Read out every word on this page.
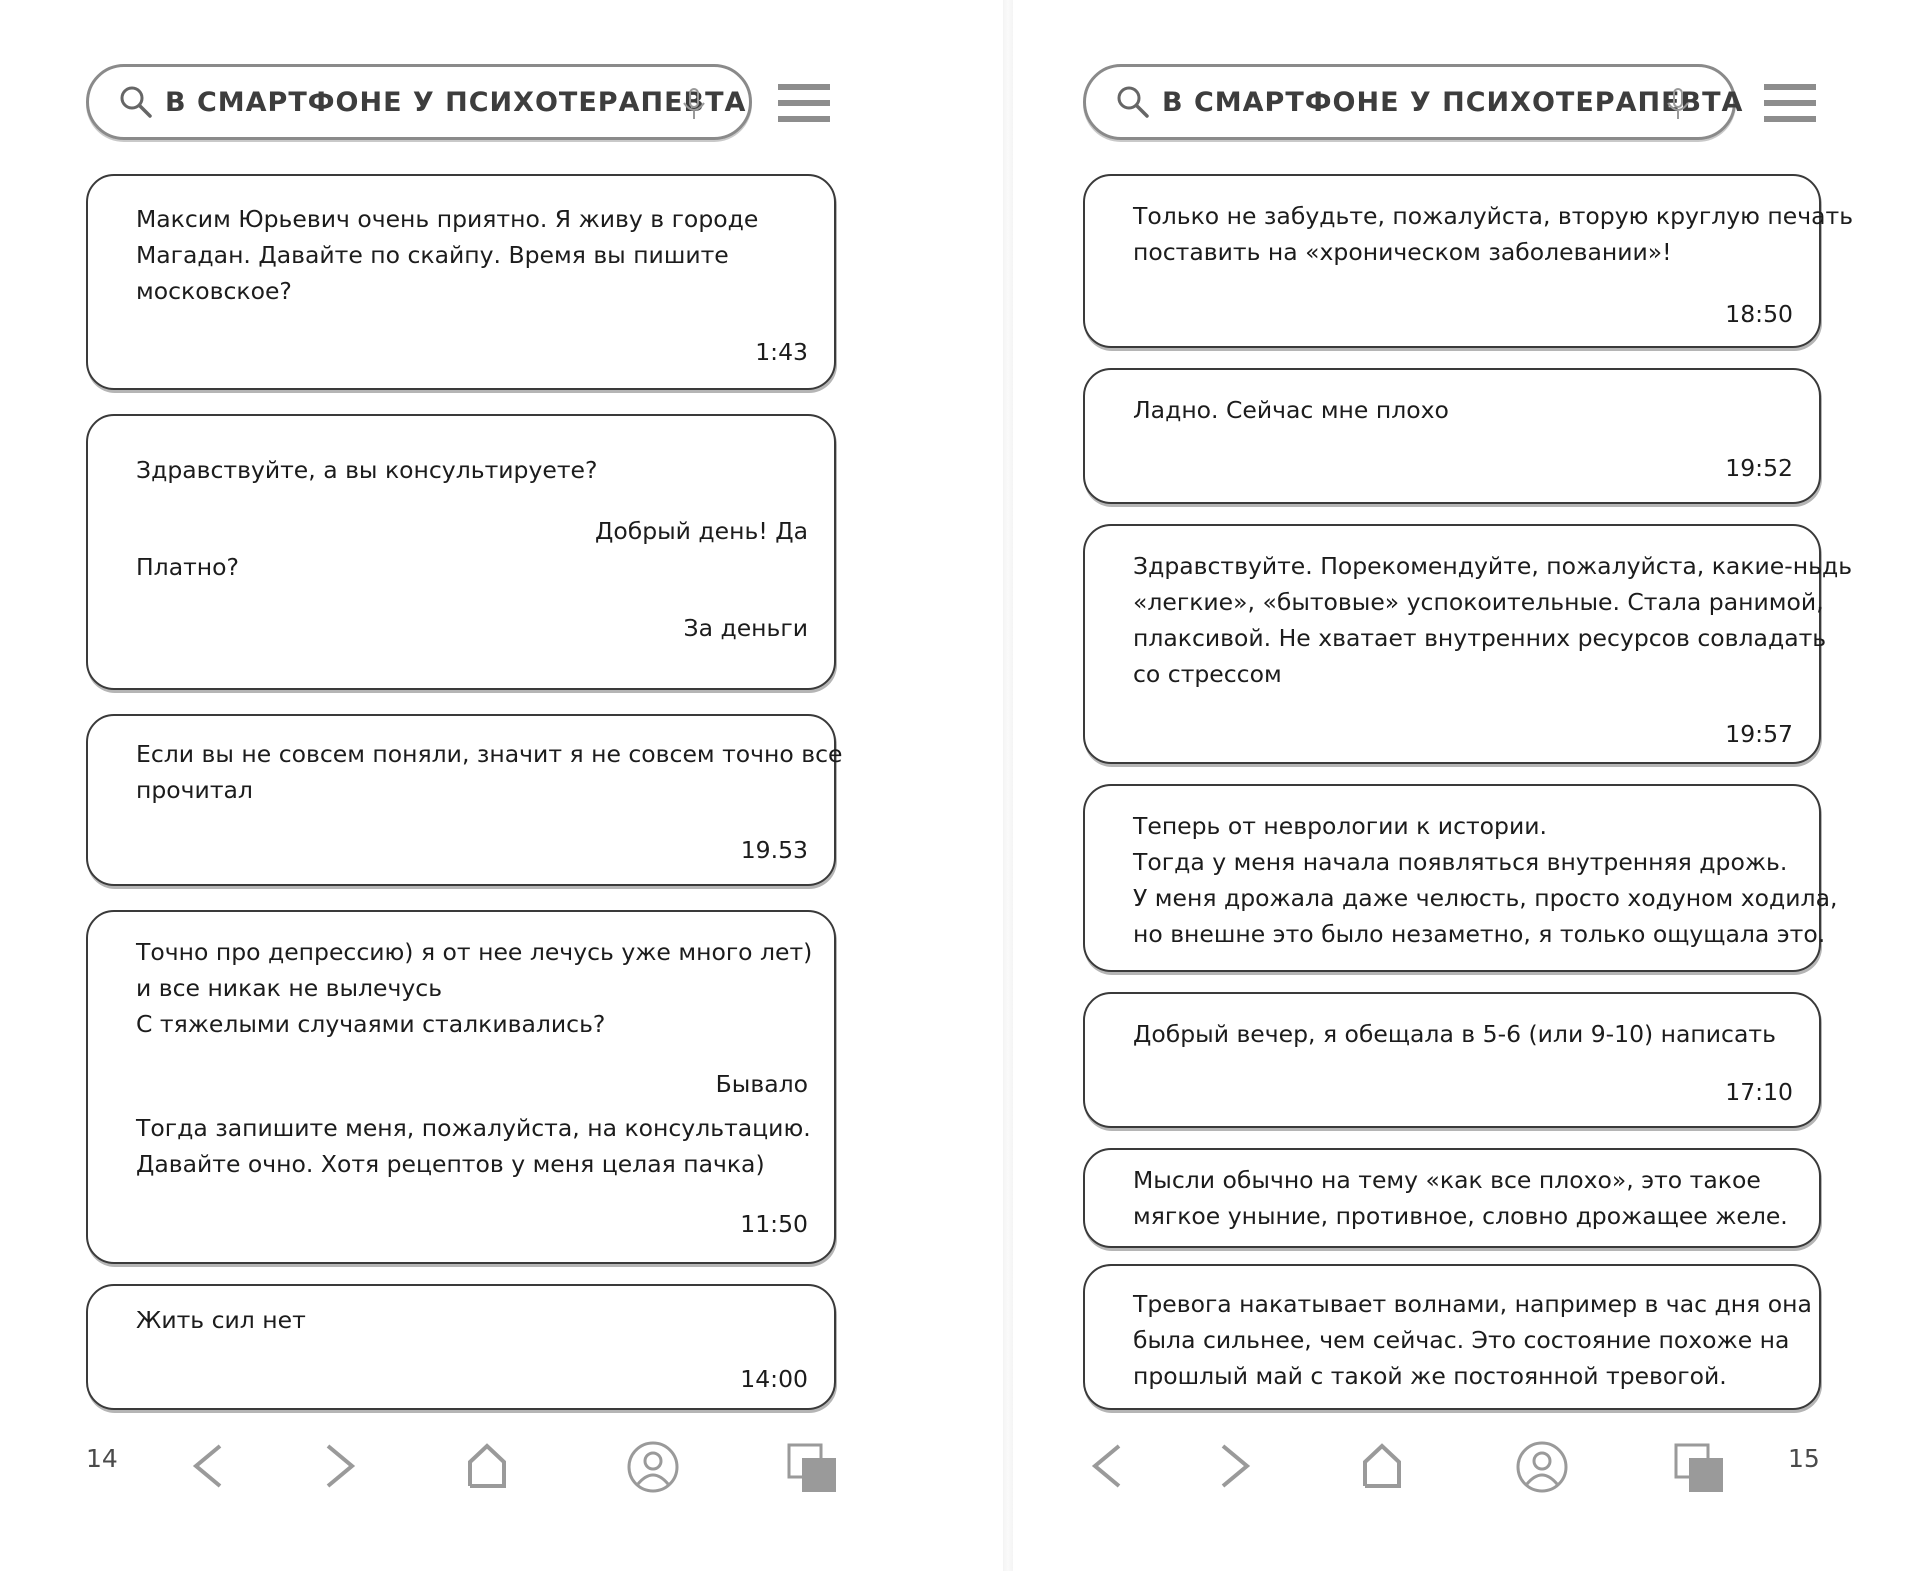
В СМАРТФОНЕ У ПСИХОТЕРАПЕВТА
Максим Юрьевич очень приятно. Я живу в городе
Магадан. Давайте по скайпу. Время вы пишите
московское?
1:43
Здравствуйте, а вы консультируете?
Добрый день! Да
Платно?
За деньги
Если вы не совсем поняли, значит я не совсем точно все
прочитал
19.53
Точно про депрессию) я от нее лечусь уже много лет)
и все никак не вылечусь
С тяжелыми случаями сталкивались?
Бывало
Тогда запишите меня, пожалуйста, на консультацию.
Давайте очно. Хотя рецептов у меня целая пачка)
11:50
Жить сил нет
14:00
14
В СМАРТФОНЕ У ПСИХОТЕРАПЕВТА
Только не забудьте, пожалуйста, вторую круглую печать
поставить на «хроническом заболевании»!
18:50
Ладно. Сейчас мне плохо
19:52
Здравствуйте. Порекомендуйте, пожалуйста, какие-ньдь
«легкие», «бытовые» успокоительные. Стала ранимой,
плаксивой. Не хватает внутренних ресурсов совладать
со стрессом
19:57
Теперь от неврологии к истории.
Тогда у меня начала появляться внутренняя дрожь.
У меня дрожала даже челюсть, просто ходуном ходила,
но внешне это было незаметно, я только ощущала это.
Добрый вечер, я обещала в 5-6 (или 9-10) написать
17:10
Мысли обычно на тему «как все плохо», это такое
мягкое уныние, противное, словно дрожащее желе.
Тревога накатывает волнами, например в час дня она
была сильнее, чем сейчас. Это состояние похоже на
прошлый май с такой же постоянной тревогой.
15
